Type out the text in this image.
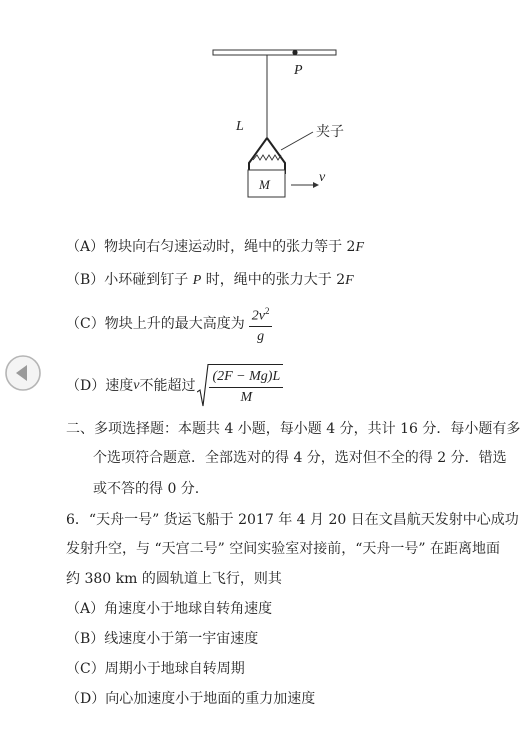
P
L	夹子
M	v
（A）物块向右匀速运动时，绳中的张力等于 2F
（B）小环碰到钉子 P 时，绳中的张力大于 2F
（C）物块上升的最大高度为 $\frac{2v^2}{g}$
（D）速度 v 不能超过 $\frac{(2F - Mg)L}{M}$
二、多项选择题：本题共 4 小题，每小题 4 分，共计 16 分．每小题有多
个选项符合题意．全部选对的得 4 分，选对但不全的得 2 分．错选
或不答的得 0 分.
6．“天舟一号” 货运飞船于 2017 年 4 月 20 日在文昌航天发射中心成功
发射升空，与 “天宫二号” 空间实验室对接前，“天舟一号” 在距离地面
约 380 km 的圆轨道上飞行，则其
（A）角速度小于地球自转角速度
（B）线速度小于第一宇宙速度
（C）周期小于地球自转周期
（D）向心加速度小于地面的重力加速度
